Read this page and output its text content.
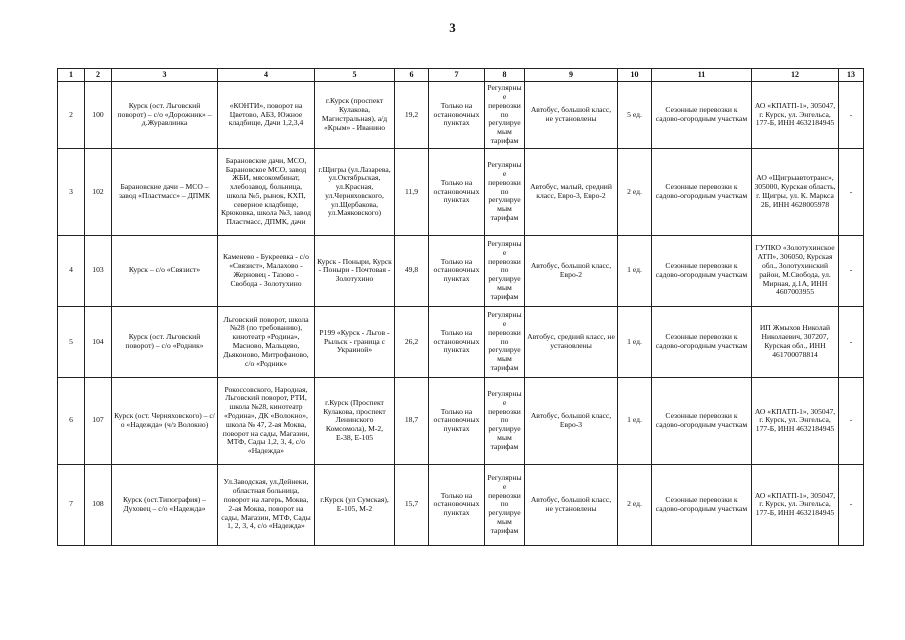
3
1	2	3	4	5	6	7	8	9	10	11	12	13
2	100	Курск (ост. Льговский поворот) – с/о «Дорожник» – д.Журавлинка	«КОНТИ», поворот на Цветово, АБЗ, Южное кладбище, Дачи 1,2,3,4	г.Курск (проспект Кулакова, Магистральная), а/д «Крым» - Иванино	19,2	Только на остановочных пунктах	Регулярные перевозки по регулируемым тарифам	Автобус, большой класс, не установлены	5 ед.	Сезонные перевозки к садово-огородным участкам	АО «КПАТП-1», 305047, г. Курск, ул. Энгельса, 177-Б, ИНН 4632184945	-
3	102	Барановские дачи – МСО – завод «Пластмасс» – ДПМК	Барановские дачи, МСО, Барановское МСО, завод ЖБИ, мясокомбинат, хлебозавод, больница, школа №5, рынок, КХП, северное кладбище, Крюковка, школа №3, завод Пластмасс, ДПМК, дачи	г.Щигры (ул.Лазарева, ул.Октябрьская, ул.Красная, ул.Черняховского, ул.Щербакова, ул.Маяковского)	11,9	Только на остановочных пунктах	Регулярные перевозки по регулируемым тарифам	Автобус, малый, средний класс, Евро-3, Евро-2	2 ед.	Сезонные перевозки к садово-огородным участкам	АО «Щигрыавтотранс», 305000, Курская область, г. Щигры, ул. К. Маркса 2Б, ИНН 4628005978	-
4	103	Курск – с/о «Связист»	Каменево - Букреевка - с/о «Связист», Малахово - Жерновец - Тазово - Свобода - Золотухино	Курск - Поныри, Курск - Поныри - Почтовая - Золотухино	49,8	Только на остановочных пунктах	Регулярные перевозки по регулируемым тарифам	Автобус, большой класс, Евро-2	1 ед.	Сезонные перевозки к садово-огородным участкам	ГУПКО «Золотухинское АТП», 306050, Курская обл., Золотухинский район, М.Свобода, ул. Мирная, д.1А, ИНН 4607003955	-
5	104	Курск (ост. Льговский поворот) – с/о «Родник»	Льговский поворот, школа №28 (по требованию), кинотеатр «Родина», Масново, Мальцево, Дьяконово, Митрофаново, с/о «Родник»	Р199 «Курск - Льгов - Рыльск - граница с Украиной»	26,2	Только на остановочных пунктах	Регулярные перевозки по регулируемым тарифам	Автобус, средний класс, не установлены	1 ед.	Сезонные перевозки к садово-огородным участкам	ИП Жмыхов Николай Николаевич, 307207, Курская обл., ИНН 461700078814	-
6	107	Курск (ост. Черняховского) – с/о «Надежда» (ч/з Волокно)	Рокоссовского, Народная, Льговский поворот, РТИ, школа №28, кинотеатр «Родина», ДК «Волокно», школа № 47, 2-ая Моква, поворот на сады, Магазин, МТФ, Сады 1,2, 3, 4, с/о «Надежда»	г.Курск (Проспект Кулакова, проспект Ленинского Комсомола), М-2, Е-38, Е-105	18,7	Только на остановочных пунктах	Регулярные перевозки по регулируемым тарифам	Автобус, большой класс, Евро-3	1 ед.	Сезонные перевозки к садово-огородным участкам	АО «КПАТП-1», 305047, г. Курск, ул. Энгельса, 177-Б, ИНН 4632184945	-
7	108	Курск (ост.Типография) – Духовец – с/о «Надежда»	Ул.Заводская, ул.Дейнеки, областная больница, поворот на лагерь, Моква, 2-ая Моква, поворот на сады, Магазин, МТФ, Сады 1, 2, 3, 4, с/о «Надежда»	г.Курск (ул Сумская), Е-105, М-2	15,7	Только на остановочных пунктах	Регулярные перевозки по регулируемым тарифам	Автобус, большой класс, не установлены	2 ед.	Сезонные перевозки к садово-огородным участкам	АО «КПАТП-1», 305047, г. Курск, ул. Энгельса, 177-Б, ИНН 4632184945	-
